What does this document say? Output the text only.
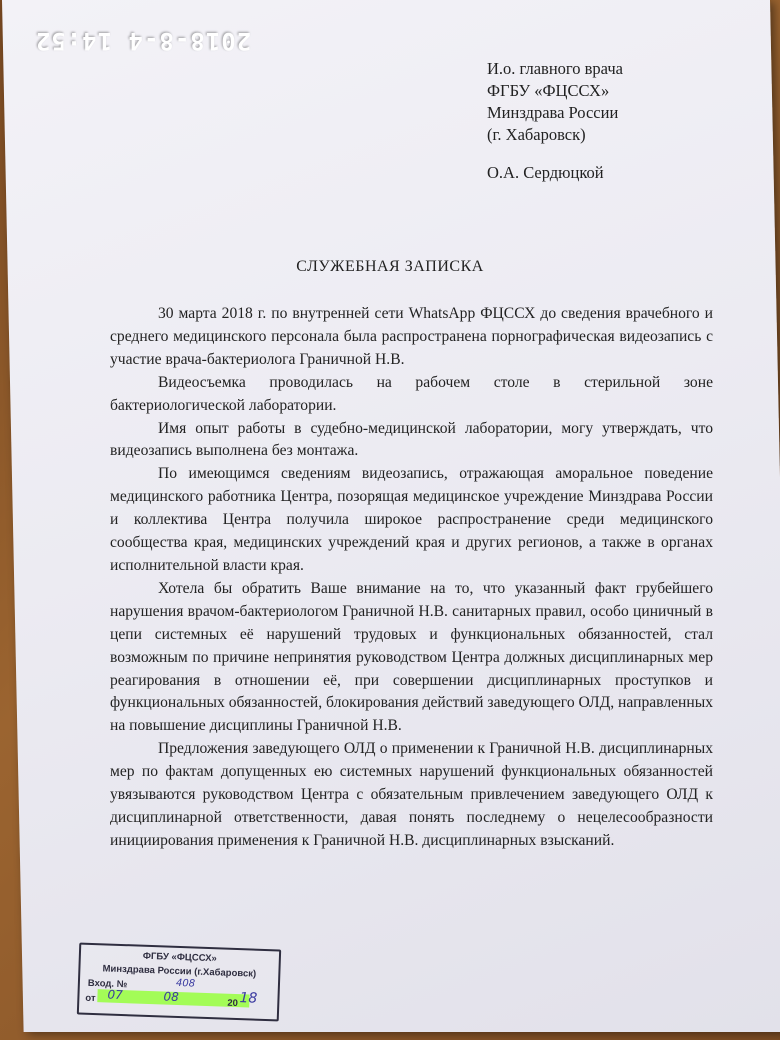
2018-8-4 14:52
И.о. главного врача
ФГБУ «ФЦССХ»
Минздрава России
(г. Хабаровск)
О.А. Сердюцкой
СЛУЖЕБНАЯ ЗАПИСКА

30 марта 2018 г. по внутренней сети WhatsApp ФЦССХ до сведения врачебного и среднего медицинского персонала была распространена порнографическая видеозапись с участие врача-бактериолога Граничной Н.В.

Видеосъемка проводилась на рабочем столе в стерильной зоне бактериологической лаборатории.

Имя опыт работы в судебно-медицинской лаборатории, могу утверждать, что видеозапись выполнена без монтажа.

По имеющимся сведениям видеозапись, отражающая аморальное поведение медицинского работника Центра, позорящая медицинское учреждение Минздрава России и коллектива Центра получила широкое распространение среди медицинского сообщества края, медицинских учреждений края и других регионов, а также в органах исполнительной власти края.

Хотела бы обратить Ваше внимание на то, что указанный факт грубейшего нарушения врачом-бактериологом Граничной Н.В. санитарных правил, особо циничный в цепи системных её нарушений трудовых и функциональных обязанностей, стал возможным по причине непринятия руководством Центра должных дисциплинарных мер реагирования в отношении её, при совершении дисциплинарных проступков и функциональных обязанностей, блокирования действий заведующего ОЛД, направленных на повышение дисциплины Граничной Н.В.

Предложения заведующего ОЛД о применении к Граничной Н.В. дисциплинарных мер по фактам допущенных ею системных нарушений функциональных обязанностей увязываются руководством Центра с обязательным привлечением заведующего ОЛД к дисциплинарной ответственности, давая понять последнему о нецелесообразности инициирования применения к Граничной Н.В. дисциплинарных взысканий.

ФГБУ «ФЦССХ»
Минздрава России (г.Хабаровск)
Вход. №	408
от 07	08	20 18
